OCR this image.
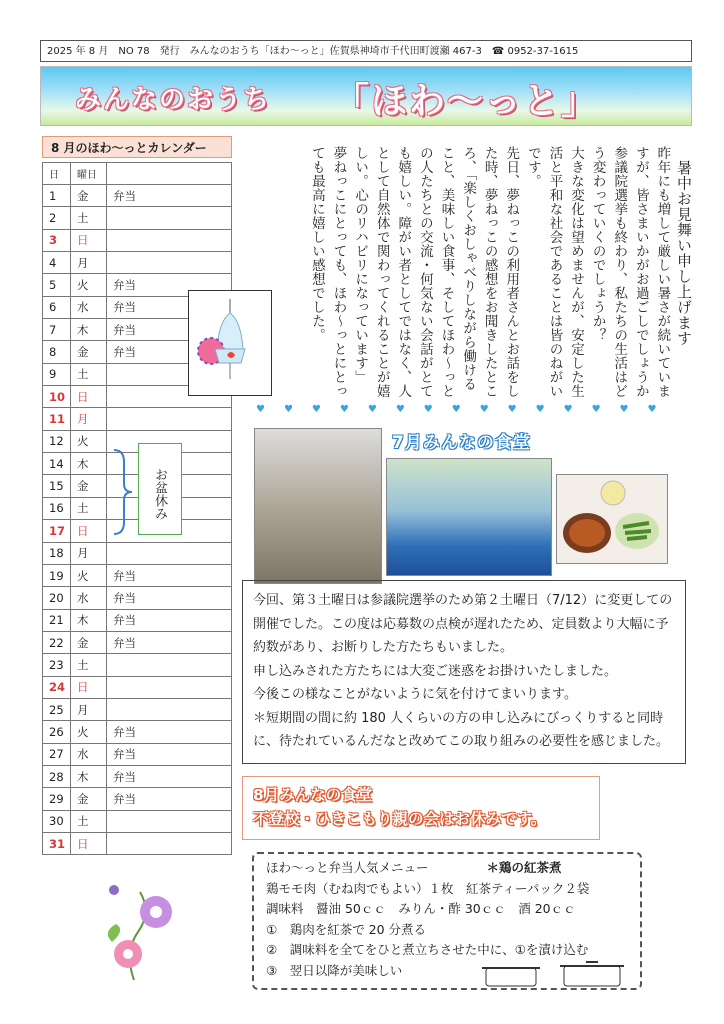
2025 年 8 月　NO 78　発行　みんなのおうち「ほわ〜っと」佐賀県神埼市千代田町渡瀬 467-3　☎ 0952-37-1615
みんなのおうち 「ほわ〜っと」
8 月のほわ〜っとカレンダー
日	曜日	
1	金	弁当
2	土	
3	日	
4	月	
5	火	弁当
6	水	弁当
7	木	弁当
8	金	弁当
9	土	
10	日	
11	月	
12	火	
14	木	
15	金	
16	土	
17	日	
18	月	
19	火	弁当
20	水	弁当
21	木	弁当
22	金	弁当
23	土	
24	日	
25	月	
26	火	弁当
27	水	弁当
28	木	弁当
29	金	弁当
30	土	
31	日	
お盆休み

暑中お見舞い申し上げます

昨年にも増して厳しい暑さが続いていますが、皆さまいかがお過ごしでしょうか

参議院選挙も終わり、私たちの生活はどう変わっていくのでしょうか？

大きな変化は望めませんが、安定した生活と平和な社会であることは皆のねがいです。

先日、夢ねっこの利用者さんとお話をした時、夢ねっこの感想をお聞きしたところ、「楽しくおしゃべりしながら働けること、美味しい食事、そしてほわ〜っとの人たちとの交流・何気ない会話がとても嬉しい。障がい者としてではなく、人として自然体で関わってくれることが嬉しい。心のリハビリになっています」

夢ねっこにとっても、ほわ〜っとにとっても最高に嬉しい感想でした。

♥♥♥♥♥♥♥♥♥♥♥♥♥♥♥
7月みんなの食堂

今回、第３土曜日は参議院選挙のため第２土曜日（7/12）に変更しての開催でした。この度は応募数の点検が遅れたため、定員数より大幅に予約数があり、お断りした方たちもいました。

申し込みされた方たちには大変ご迷惑をお掛けいたしました。

今後この様なことがないように気を付けてまいります。

＊短期間の間に約 180 人くらいの方の申し込みにびっくりすると同時に、待たれているんだなと改めてこの取り組みの必要性を感じました。

8月みんなの食堂
不登校・ひきこもり親の会はお休みです。
ほわ〜っと弁当人気メニュー	＊鶏の紅茶煮
鶏モモ肉（むね肉でもよい）１枚　紅茶ティーパック２袋
調味料　醤油 50ｃｃ　みりん・酢 30ｃｃ　酒 20ｃｃ
①　鶏肉を紅茶で 20 分煮る
②　調味料を全てをひと煮立ちさせた中に、①を漬け込む
③　翌日以降が美味しい
